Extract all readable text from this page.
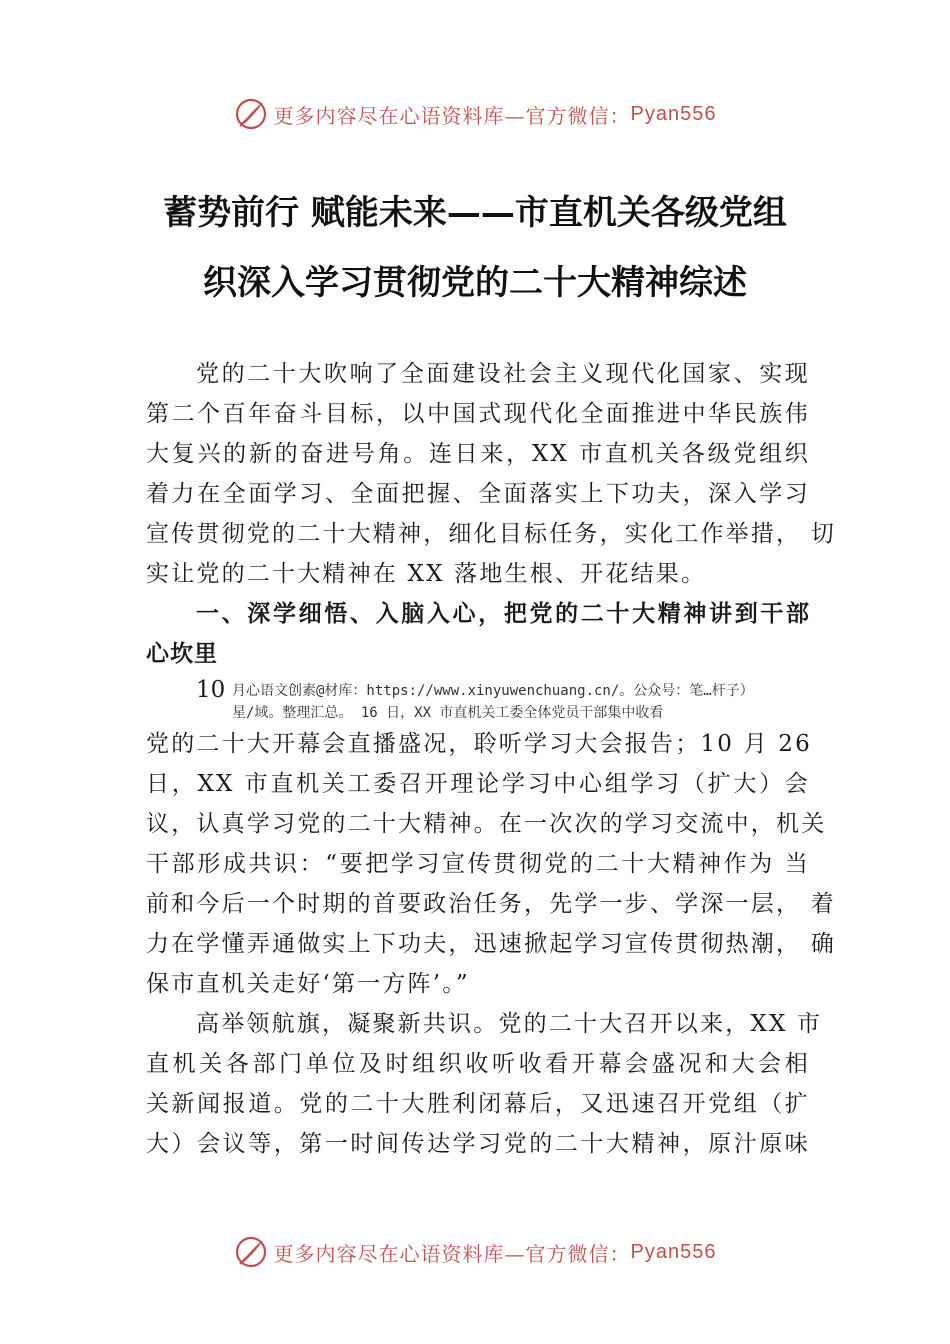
更多内容尽在心语资料库—官方微信： Pyan556
蓄势前行 赋能未来——市直机关各级党组
织深入学习贯彻党的二十大精神综述
党的二十大吹响了全面建设社会主义现代化国家、实现
第二个百年奋斗目标，以中国式现代化全面推进中华民族伟
大复兴的新的奋进号角。连日来，XX 市直机关各级党组织
着力在全面学习、全面把握、全面落实上下功夫，深入学习
宣传贯彻党的二十大精神，细化目标任务，实化工作举措， 切
实让党的二十大精神在 XX 落地生根、开花结果。
一、深学细悟、入脑入心，把党的二十大精神讲到干部
心坎里
10 月心语文创素@材库：https://www.xinyuwenchuang.cn/。公众号：笔…杆子）
星/域。整理汇总。 16 日，XX 市直机关工委全体党员干部集中收看
党的二十大开幕会直播盛况，聆听学习大会报告；10 月 26
日，XX 市直机关工委召开理论学习中心组学习（扩大）会
议，认真学习党的二十大精神。在一次次的学习交流中，机关
干部形成共识：“要把学习宣传贯彻党的二十大精神作为 当
前和今后一个时期的首要政治任务，先学一步、学深一层， 着
力在学懂弄通做实上下功夫，迅速掀起学习宣传贯彻热潮， 确
保市直机关走好‘第一方阵’。”
高举领航旗，凝聚新共识。党的二十大召开以来，XX 市
直机关各部门单位及时组织收听收看开幕会盛况和大会相
关新闻报道。党的二十大胜利闭幕后，又迅速召开党组（扩
大）会议等，第一时间传达学习党的二十大精神，原汁原味
更多内容尽在心语资料库—官方微信： Pyan556
